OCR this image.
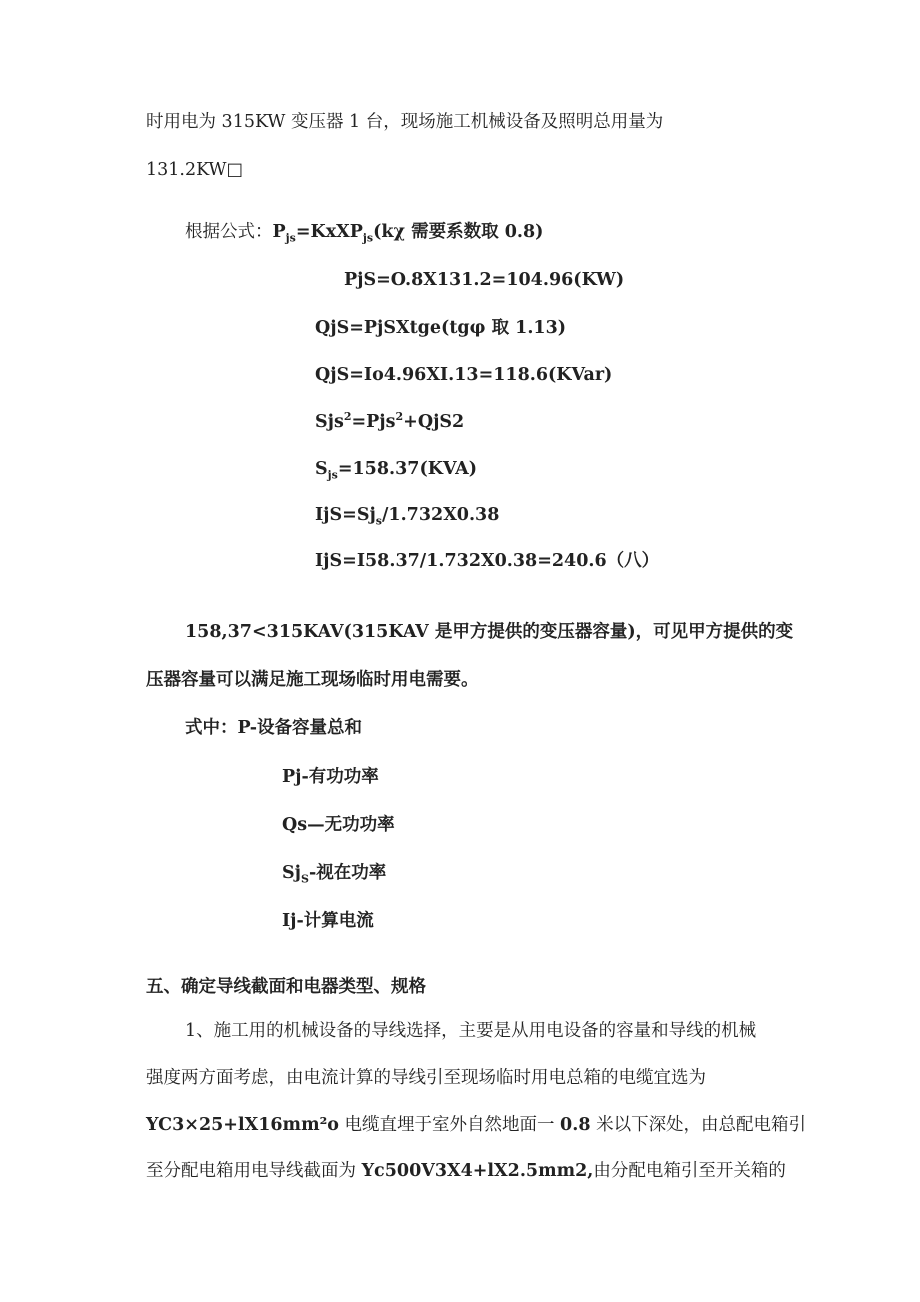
时用电为 315KW 变压器 1 台，现场施工机械设备及照明总用量为
131.2KW□
根据公式：$P_{js}=KxXP_{js}(k\chi$ 需要系数取 0.8)
PjS=O.8X131.2=104.96(KW)
QjS=PjSXtge(tgφ 取 1.13)
QjS=Io4.96XI.13=118.6(KVar)
Sjs$^2$=Pjs$^2$+QjS2
$S_{js}=158.37(KVA)$
$IjS=Sj_s/1.732X0.38$
IjS=I58.37/1.732X0.38=240.6（八）
158,37<315KAV(315KAV 是甲方提供的变压器容量)，可见甲方提供的变
压器容量可以满足施工现场临时用电需要。
式中：P-设备容量总和
Pj-有功功率
Qs—无功功率
$Sj_S-$视在功率
Ij-计算电流
五、确定导线截面和电器类型、规格
1、施工用的机械设备的导线选择，主要是从用电设备的容量和导线的机械
强度两方面考虑，由电流计算的导线引至现场临时用电总箱的电缆宜选为
YC3×25+lX16mm²o 电缆直埋于室外自然地面一 0.8 米以下深处，由总配电箱引
至分配电箱用电导线截面为 Yc500V3X4+lX2.5mm2,由分配电箱引至开关箱的
